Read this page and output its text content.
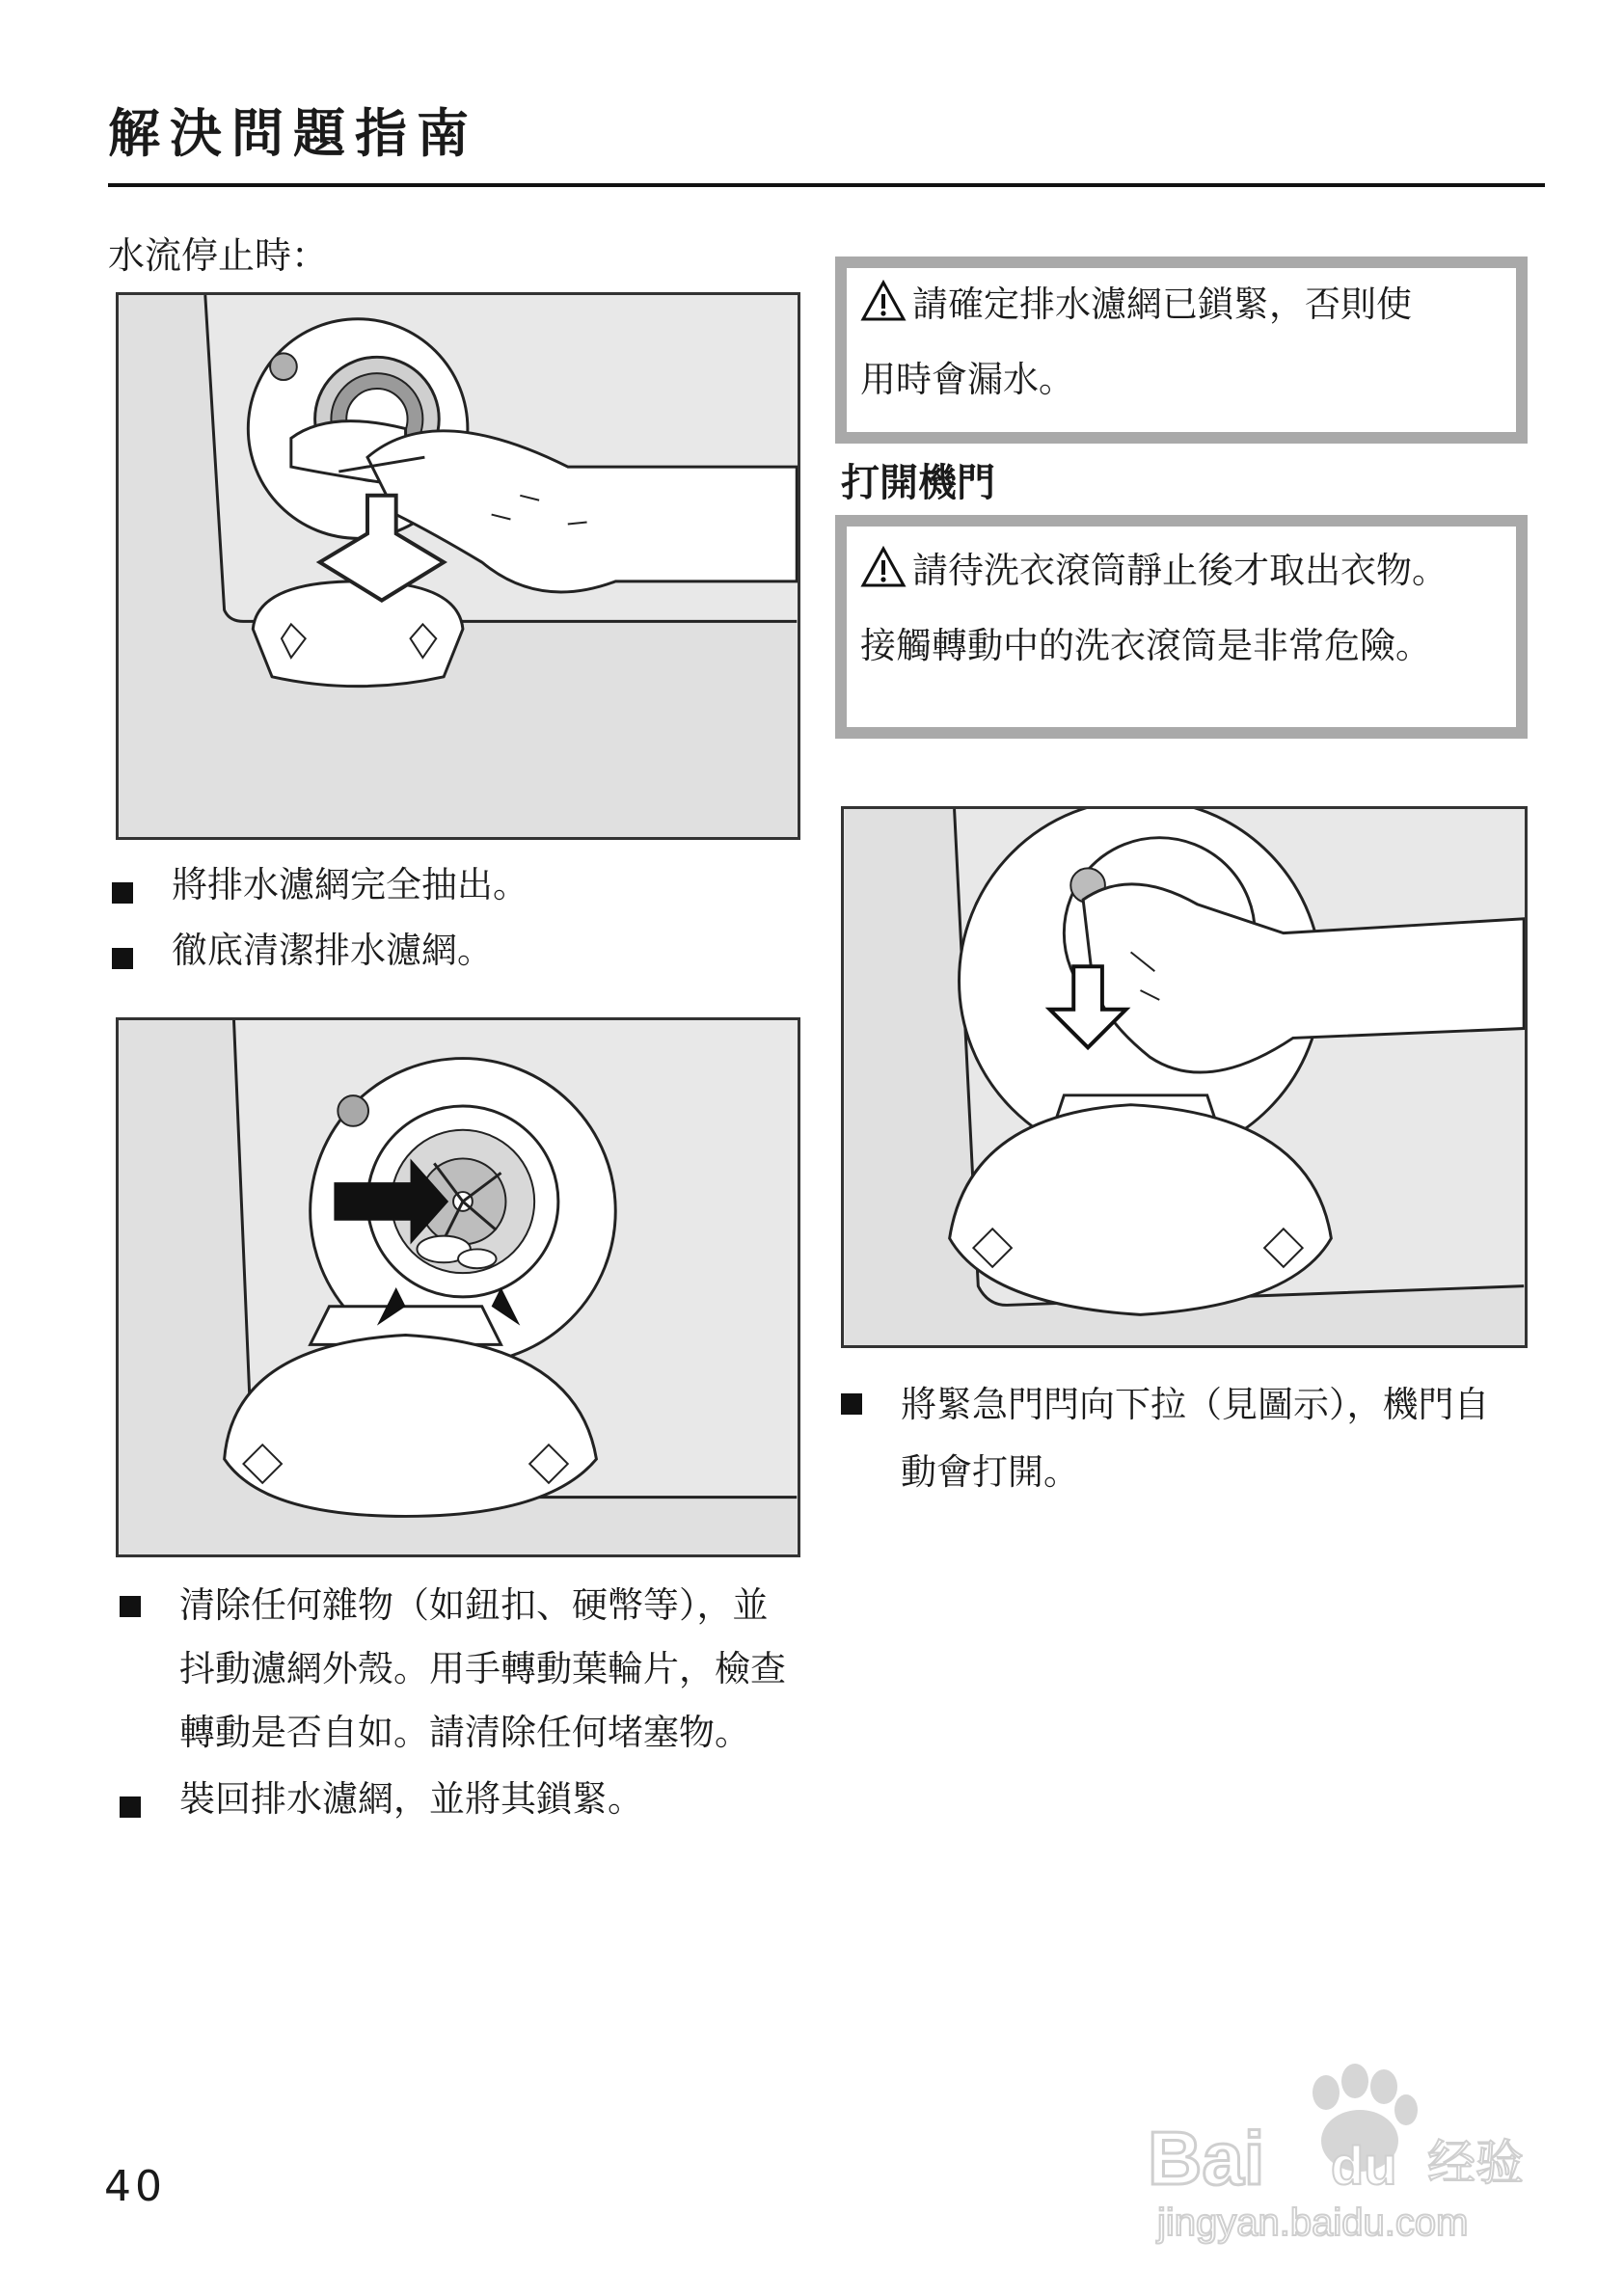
解決問題指南
水流停止時：
將排水濾網完全抽出。
徹底清潔排水濾網。
清除任何雜物（如鈕扣、硬幣等），並抖動濾網外殼。用手轉動葉輪片，檢查轉動是否自如。請清除任何堵塞物。
裝回排水濾網，並將其鎖緊。
請確定排水濾網已鎖緊，否則使
用時會漏水。
打開機門
請待洗衣滾筒靜止後才取出衣物。
接觸轉動中的洗衣滾筒是非常危險。
將緊急門閂向下拉（見圖示），機門自動會打開。
40	Bai du 经验
jingyan.baidu.com
